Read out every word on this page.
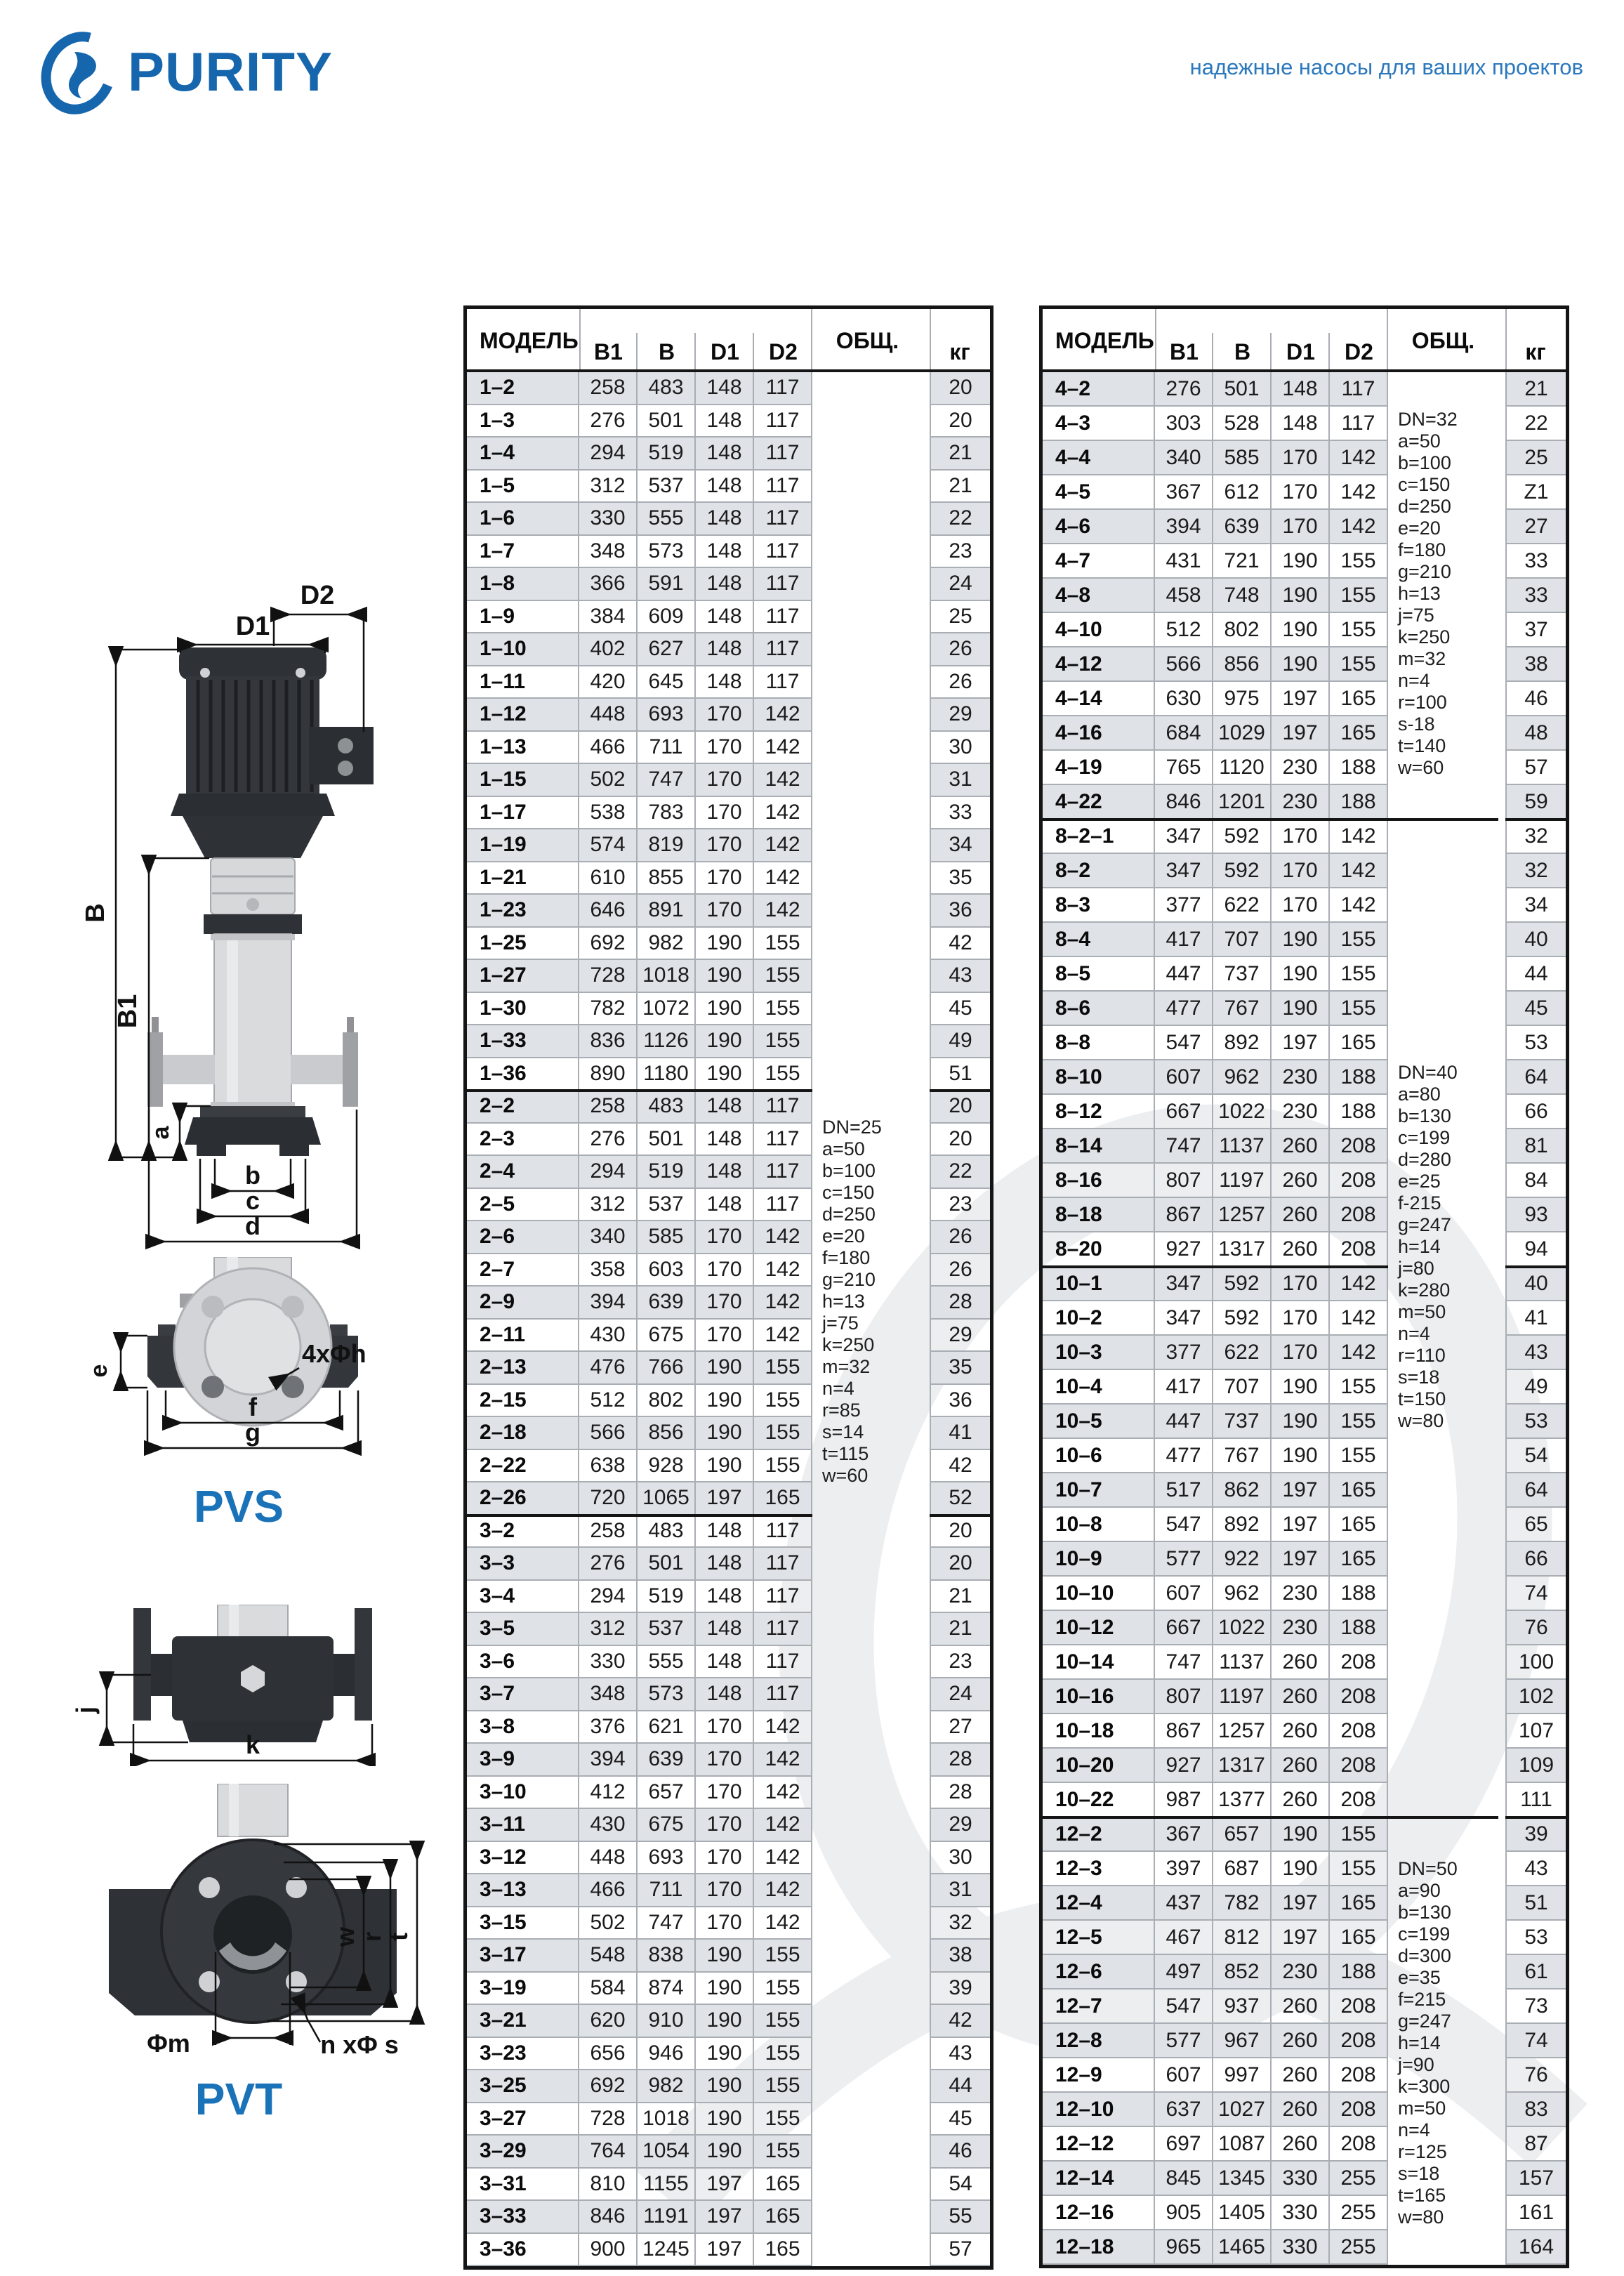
PURITY	надежные насосы для ваших проектов
D2
D1
B
B1
a
b
c
d
e
f
g
4xΦh
PVS
j
k
w
r
t
Φm	n xΦ s
PVT
МОДЕЛЬ B1	B	D1	D2	ОБЩ.	кг
1–2	258	483	148	117	20
1–3	276	501	148	117	20
1–4	294	519	148	117	21
1–5	312	537	148	117	21
1–6	330	555	148	117	22
1–7	348	573	148	117	23
1–8	366	591	148	117	24
1–9	384	609	148	117	25
1–10	402	627	148	117	26
1–11	420	645	148	117	26
1–12	448	693	170	142	29
1–13	466	711	170	142	30
1–15	502	747	170	142	31
1–17	538	783	170	142	33
1–19	574	819	170	142	34
1–21	610	855	170	142	35
1–23	646	891	170	142	36
1–25	692	982	190	155	42
1–27	728 1018 190	155	43
1–30	782 1072 190	155	45
1–33	836 1126 190	155	49
1–36	890 1180 190	155	51
2–2	258	483	148	117	20
2–3	276	501	148	117	20
2–4	294	519	148	117	22
2–5	312	537	148	117	23
2–6	340	585	170	142	26
2–7	358	603	170	142	26
2–9	394	639	170	142	28
2–11	430	675	170	142	29
2–13	476	766	190	155	35
2–15	512	802	190	155	36
2–18	566	856	190	155	41
2–22	638	928	190	155	42
2–26	720 1065 197	165	52
3–2	258	483	148	117	20
3–3	276	501	148	117	20
3–4	294	519	148	117	21
3–5	312	537	148	117	21
3–6	330	555	148	117	23
3–7	348	573	148	117	24
3–8	376	621	170	142	27
3–9	394	639	170	142	28
3–10	412	657	170	142	28
3–11	430	675	170	142	29
3–12	448	693	170	142	30
3–13	466	711	170	142	31
3–15	502	747	170	142	32
3–17	548	838	190	155	38
3–19	584	874	190	155	39
3–21	620	910	190	155	42
3–23	656	946	190	155	43
3–25	692	982	190	155	44
3–27	728 1018 190	155	45
3–29	764 1054 190	155	46
3–31	810 1155 197	165	54
3–33	846 1191 197	165	55
3–36	900 1245 197	165	57
DN=25
a=50
b=100
c=150
d=250
e=20
f=180
g=210
h=13
j=75
k=250
m=32
n=4
r=85
s=14
t=115
w=60
МОДЕЛЬ B1	B	D1	D2	ОБЩ.	кг
4–2	276	501	148	117	21
4–3	303	528	148	117	22
4–4	340	585	170	142	25
4–5	367	612	170	142	Z1
4–6	394	639	170	142	27
4–7	431	721	190	155	33
4–8	458	748	190	155	33
4–10	512	802	190	155	37
4–12	566	856	190	155	38
4–14	630	975	197	165	46
4–16	684 1029 197	165	48
4–19	765 1120 230	188	57
4–22	846 1201 230	188	59
8–2–1	347	592	170	142	32
8–2	347	592	170	142	32
8–3	377	622	170	142	34
8–4	417	707	190	155	40
8–5	447	737	190	155	44
8–6	477	767	190	155	45
8–8	547	892	197	165	53
8–10	607	962	230	188	64
8–12	667 1022 230	188	66
8–14	747 1137 260	208	81
8–16	807 1197 260	208	84
8–18	867 1257 260	208	93
8–20	927 1317 260	208	94
10–1	347	592	170	142	40
10–2	347	592	170	142	41
10–3	377	622	170	142	43
10–4	417	707	190	155	49
10–5	447	737	190	155	53
10–6	477	767	190	155	54
10–7	517	862	197	165	64
10–8	547	892	197	165	65
10–9	577	922	197	165	66
10–10	607	962	230	188	74
10–12	667 1022 230	188	76
10–14	747 1137 260	208	100
10–16	807 1197 260	208	102
10–18	867 1257 260	208	107
10–20	927 1317 260	208	109
10–22	987 1377 260	208	111
12–2	367	657	190	155	39
12–3	397	687	190	155	43
12–4	437	782	197	165	51
12–5	467	812	197	165	53
12–6	497	852	230	188	61
12–7	547	937	260	208	73
12–8	577	967	260	208	74
12–9	607	997	260	208	76
12–10	637 1027 260	208	83
12–12	697 1087 260	208	87
12–14	845 1345 330	255	157
12–16	905 1405 330	255	161
12–18	965 1465 330	255	164
DN=32
a=50
b=100
c=150
d=250
e=20
f=180
g=210
h=13
j=75
k=250
m=32
n=4
r=100
s-18
t=140
w=60
DN=40
a=80
b=130
c=199
d=280
e=25
f-215
g=247
h=14
j=80
k=280
m=50
n=4
r=110
s=18
t=150
w=80
DN=50
a=90
b=130
c=199
d=300
e=35
f=215
g=247
h=14
j=90
k=300
m=50
n=4
r=125
s=18
t=165
w=80
